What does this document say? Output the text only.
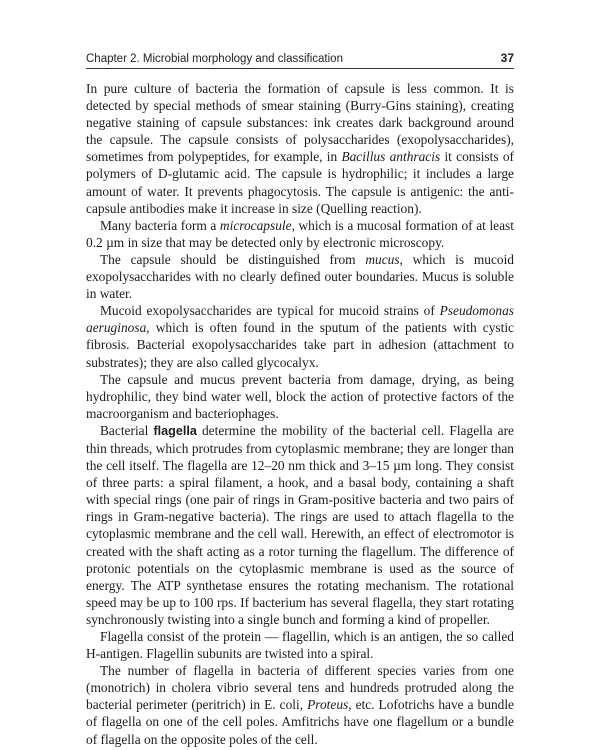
Chapter 2. Microbial morphology and classification	37

In pure culture of bacteria the formation of capsule is less common. It is detected by special methods of smear staining (Burry-Gins staining), creating negative staining of capsule substances: ink creates dark background around the capsule. The capsule consists of polysaccharides (exopolysaccharides), sometimes from polypeptides, for example, in Bacillus anthracis it consists of polymers of D-glutamic acid. The capsule is hydrophilic; it includes a large amount of water. It prevents phagocytosis. The capsule is antigenic: the anti-capsule antibodies make it increase in size (Quelling reaction).

Many bacteria form a microcapsule, which is a mucosal formation of at least 0.2 µm in size that may be detected only by electronic microscopy.

The capsule should be distinguished from mucus, which is mucoid exopolysaccharides with no clearly defined outer boundaries. Mucus is soluble in water.

Mucoid exopolysaccharides are typical for mucoid strains of Pseudomonas aeruginosa, which is often found in the sputum of the patients with cystic fibrosis. Bacterial exopolysaccharides take part in adhesion (attachment to substrates); they are also called glycocalyx.

The capsule and mucus prevent bacteria from damage, drying, as being hydrophilic, they bind water well, block the action of protective factors of the macroorganism and bacteriophages.

Bacterial flagella determine the mobility of the bacterial cell. Flagella are thin threads, which protrudes from cytoplasmic membrane; they are longer than the cell itself. The flagella are 12–20 nm thick and 3–15 µm long. They consist of three parts: a spiral filament, a hook, and a basal body, containing a shaft with special rings (one pair of rings in Gram-positive bacteria and two pairs of rings in Gram-negative bacteria). The rings are used to attach flagella to the cytoplasmic membrane and the cell wall. Herewith, an effect of electromotor is created with the shaft acting as a rotor turning the flagellum. The difference of protonic potentials on the cytoplasmic membrane is used as the source of energy. The ATP synthetase ensures the rotating mechanism. The rotational speed may be up to 100 rps. If bacterium has several flagella, they start rotating synchronously twisting into a single bunch and forming a kind of propeller.

Flagella consist of the protein — flagellin, which is an antigen, the so called H-antigen. Flagellin subunits are twisted into a spiral.

The number of flagella in bacteria of different species varies from one (monotrich) in cholera vibrio several tens and hundreds protruded along the bacterial perimeter (peritrich) in E. coli, Proteus, etc. Lofotrichs have a bundle of flagella on one of the cell poles. Amfitrichs have one flagellum or a bundle of flagella on the opposite poles of the cell.
